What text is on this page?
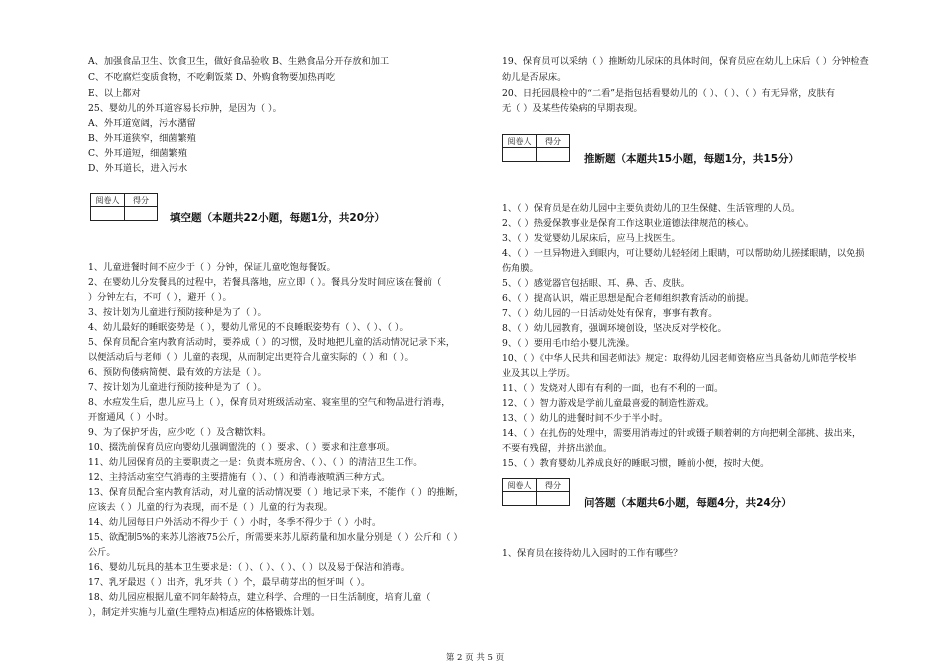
A、加强食品卫生、饮食卫生，做好食品验收 B、生熟食品分开存放和加工
C、不吃腐烂变质食物，不吃剩饭菜 D、外购食物要加热再吃
E、以上都对
25、婴幼儿的外耳道容易长疖肿，是因为（ ）。
A、外耳道宽阔，污水潴留
B、外耳道狭窄，细菌繁殖
C、外耳道短，细菌繁殖
D、外耳道长，进入污水
阅卷人	得分
填空题（本题共22小题，每题1分，共20分）
1、儿童进餐时间不应少于（ ）分钟，保证儿童吃饱每餐饭。
2、在婴幼儿分发餐具的过程中，若餐具落地，应立即（ ）。餐具分发时间应该在餐前（
）分钟左右，不可（ ），避开（ ）。
3、按计划为儿童进行预防接种是为了（ ）。
4、幼儿最好的睡眠姿势是（ ），婴幼儿常见的不良睡眠姿势有（ ）、（ ）、（ ）。
5、保育员配合室内教育活动时，要养成（ ）的习惯，及时地把儿童的活动情况记录下来，
以便活动后与老师（ ）儿童的表现，从而制定出更符合儿童实际的（ ）和（ ）。
6、预防佝偻病简便、最有效的方法是（ ）。
7、按计划为儿童进行预防接种是为了（ ）。
8、水痘发生后，患儿应马上（ ），保育员对班级活动室、寝室里的空气和物品进行消毒，
开窗通风（ ）小时。
9、为了保护牙齿，应少吃（ ）及含糖饮料。
10、掇洗前保育员应向婴幼儿强调盥洗的（ ）要求、（ ）要求和注意事项。
11、幼儿园保育员的主要职责之一是：负责本班房舍、（ ）、（ ）的清洁卫生工作。
12、主持活动室空气消毒的主要措施有（ ）、（ ）和消毒液喷洒三种方式。
13、保育员配合室内教育活动，对儿童的活动情况要（ ）地记录下来，不能作（ ）的推断，
应该去（ ）儿童的行为表现，而不是（ ）儿童的行为表现。
14、幼儿园每日户外活动不得少于（ ）小时，冬季不得少于（ ）小时。
15、欲配制5%的来苏儿溶液75公斤，所需要来苏儿原药量和加水量分别是（ ）公斤和（ ）
公斤。
16、婴幼儿玩具的基本卫生要求是：（ ）、（ ）、（ ）、（ ）以及易于保洁和消毒。
17、乳牙最迟（ ）出齐，乳牙共（ ）个，最早萌芽出的恒牙叫（ ）。
18、幼儿园应根据儿童不同年龄特点，建立科学、合理的一日生活制度，培育儿童（
），制定并实施与儿童(生理特点)相适应的体格锻炼计划。
19、保育员可以采纳（ ）推断幼儿尿床的具体时间，保育员应在幼儿上床后（ ）分钟检查
幼儿是否尿床。
20、日托园晨检中的“二看”是指包括看婴幼儿的（ ）、（ ）、（ ）有无异常，皮肤有
无（ ）及某些传染病的早期表现。
阅卷人	得分
推断题（本题共15小题，每题1分，共15分）
1、（ ）保育员是在幼儿园中主要负责幼儿的卫生保健、生活管理的人员。
2、（ ）热爱保教事业是保育工作这职业道德法律规范的核心。
3、（ ）发觉婴幼儿尿床后，应马上找医生。
4、（ ）一旦异物进入到眼内，可让婴幼儿轻轻闭上眼睛，可以帮助幼儿搓揉眼睛，以免损
伤角膜。
5、（ ）感觉器官包括眼、耳、鼻、舌、皮肤。
6、（ ）提高认识，端正思想是配合老师组织教育活动的前提。
7、（ ）幼儿园的一日活动处处有保育，事事有教育。
8、（ ）幼儿园教育，强调环境创设，坚决反对学校化。
9、（ ）要用毛巾给小婴儿洗澡。
10、（ ）《中华人民共和国老师法》规定：取得幼儿园老师资格应当具备幼儿师范学校毕
业及其以上学历。
11、（ ）发烧对人即有有利的一面，也有不利的一面。
12、（ ）智力游戏是学前儿童最喜爱的制造性游戏。
13、（ ）幼儿的进餐时间不少于半小时。
14、（ ）在扎伤的处理中，需要用消毒过的针或镊子顺着刺的方向把刺全部挑、拔出来，
不要有残留，并挤出淤血。
15、（ ）教育婴幼儿养成良好的睡眠习惯，睡前小便，按时大便。
阅卷人	得分
问答题（本题共6小题，每题4分，共24分）
1、保育员在接待幼儿入园时的工作有哪些？
第 2 页 共 5 页
